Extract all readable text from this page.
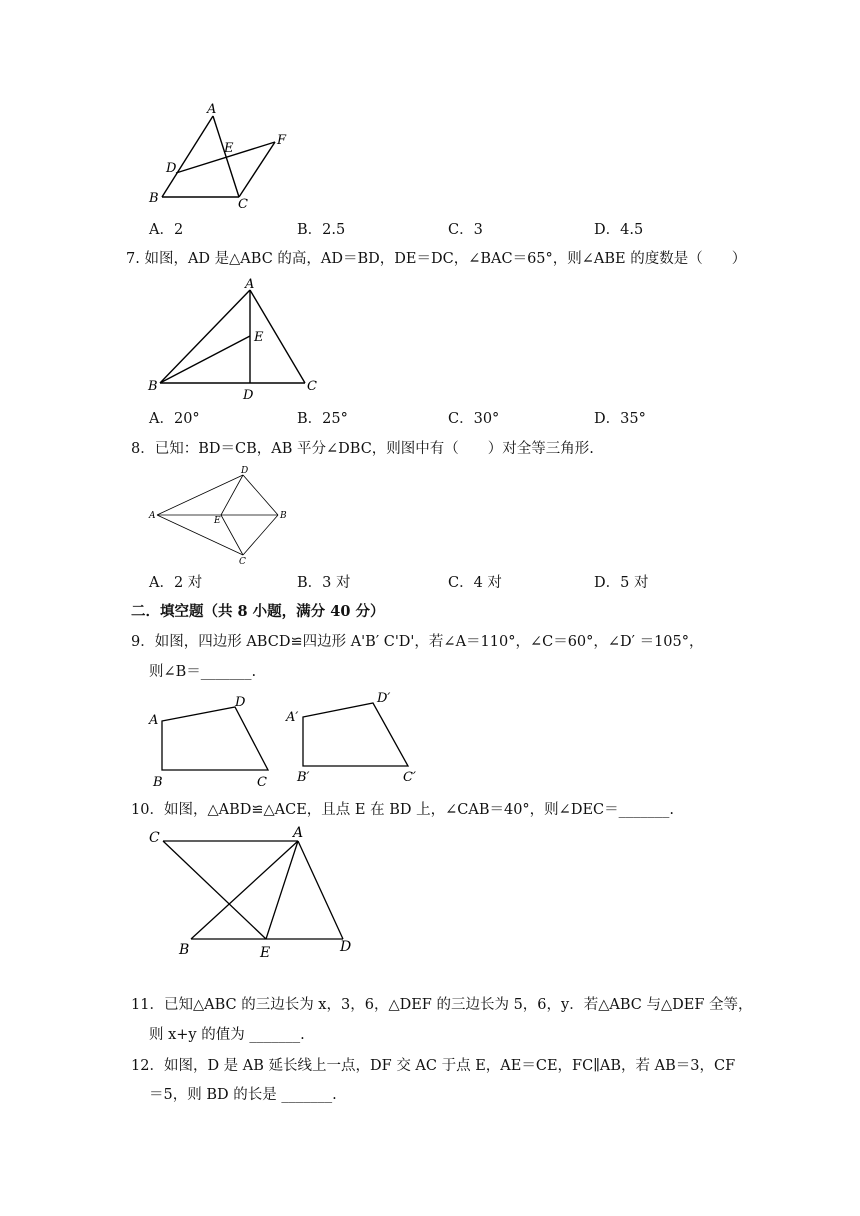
A
B	C
D
E
F
A．2	B．2.5	C．3	D．4.5
7. 如图，AD 是△ABC 的高，AD＝BD，DE＝DC，∠BAC＝65°，则∠ABE 的度数是（　　）
A
B	C
D
E
A．20°	B．25°	C．30°	D．35°
8．已知：BD＝CB，AB 平分∠DBC，则图中有（　　）对全等三角形.
A	B
C
D
E
A．2 对	B．3 对	C．4 对	D．5 对
二．填空题（共 8 小题，满分 40 分）
9．如图，四边形 ABCD≌四边形 A'B′ C'D'，若∠A＝110°，∠C＝60°，∠D′ ＝105°，
则∠B＝_______.
A
B	C
D
A′
B′	C′
D′
10．如图，△ABD≌△ACE，且点 E 在 BD 上，∠CAB＝40°，则∠DEC＝_______.
A
B
C
D
E
11．已知△ABC 的三边长为 x，3，6，△DEF 的三边长为 5，6，y．若△ABC 与△DEF 全等，
则 x+y 的值为 _______.
12．如图，D 是 AB 延长线上一点，DF 交 AC 于点 E，AE＝CE，FC∥AB，若 AB＝3，CF
＝5，则 BD 的长是 _______.
